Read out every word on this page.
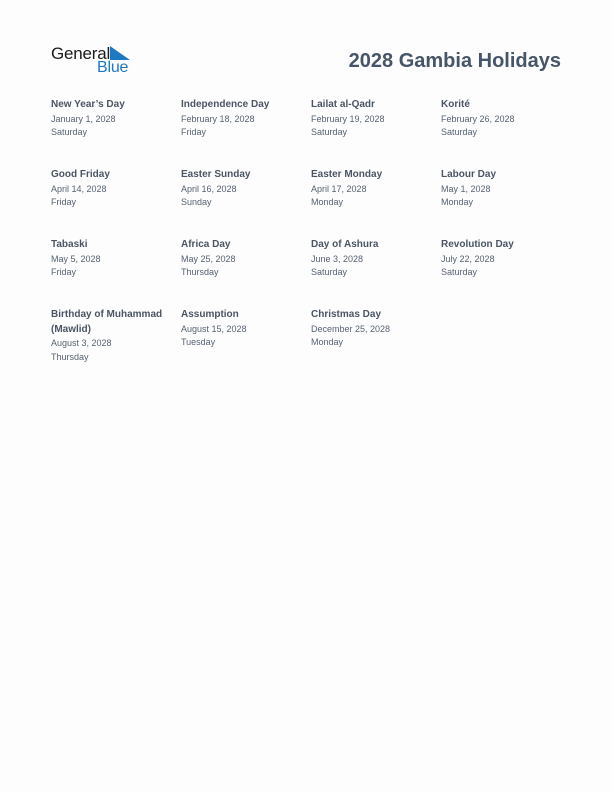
General
Blue	2028 Gambia Holidays
New Year’s Day
January 1, 2028
Saturday
Independence Day
February 18, 2028
Friday
Lailat al-Qadr
February 19, 2028
Saturday
Korité
February 26, 2028
Saturday
Good Friday
April 14, 2028
Friday
Easter Sunday
April 16, 2028
Sunday
Easter Monday
April 17, 2028
Monday
Labour Day
May 1, 2028
Monday
Tabaski
May 5, 2028
Friday
Africa Day
May 25, 2028
Thursday
Day of Ashura
June 3, 2028
Saturday
Revolution Day
July 22, 2028
Saturday
Birthday of Muhammad (Mawlid)
August 3, 2028
Thursday
Assumption
August 15, 2028
Tuesday
Christmas Day
December 25, 2028
Monday
